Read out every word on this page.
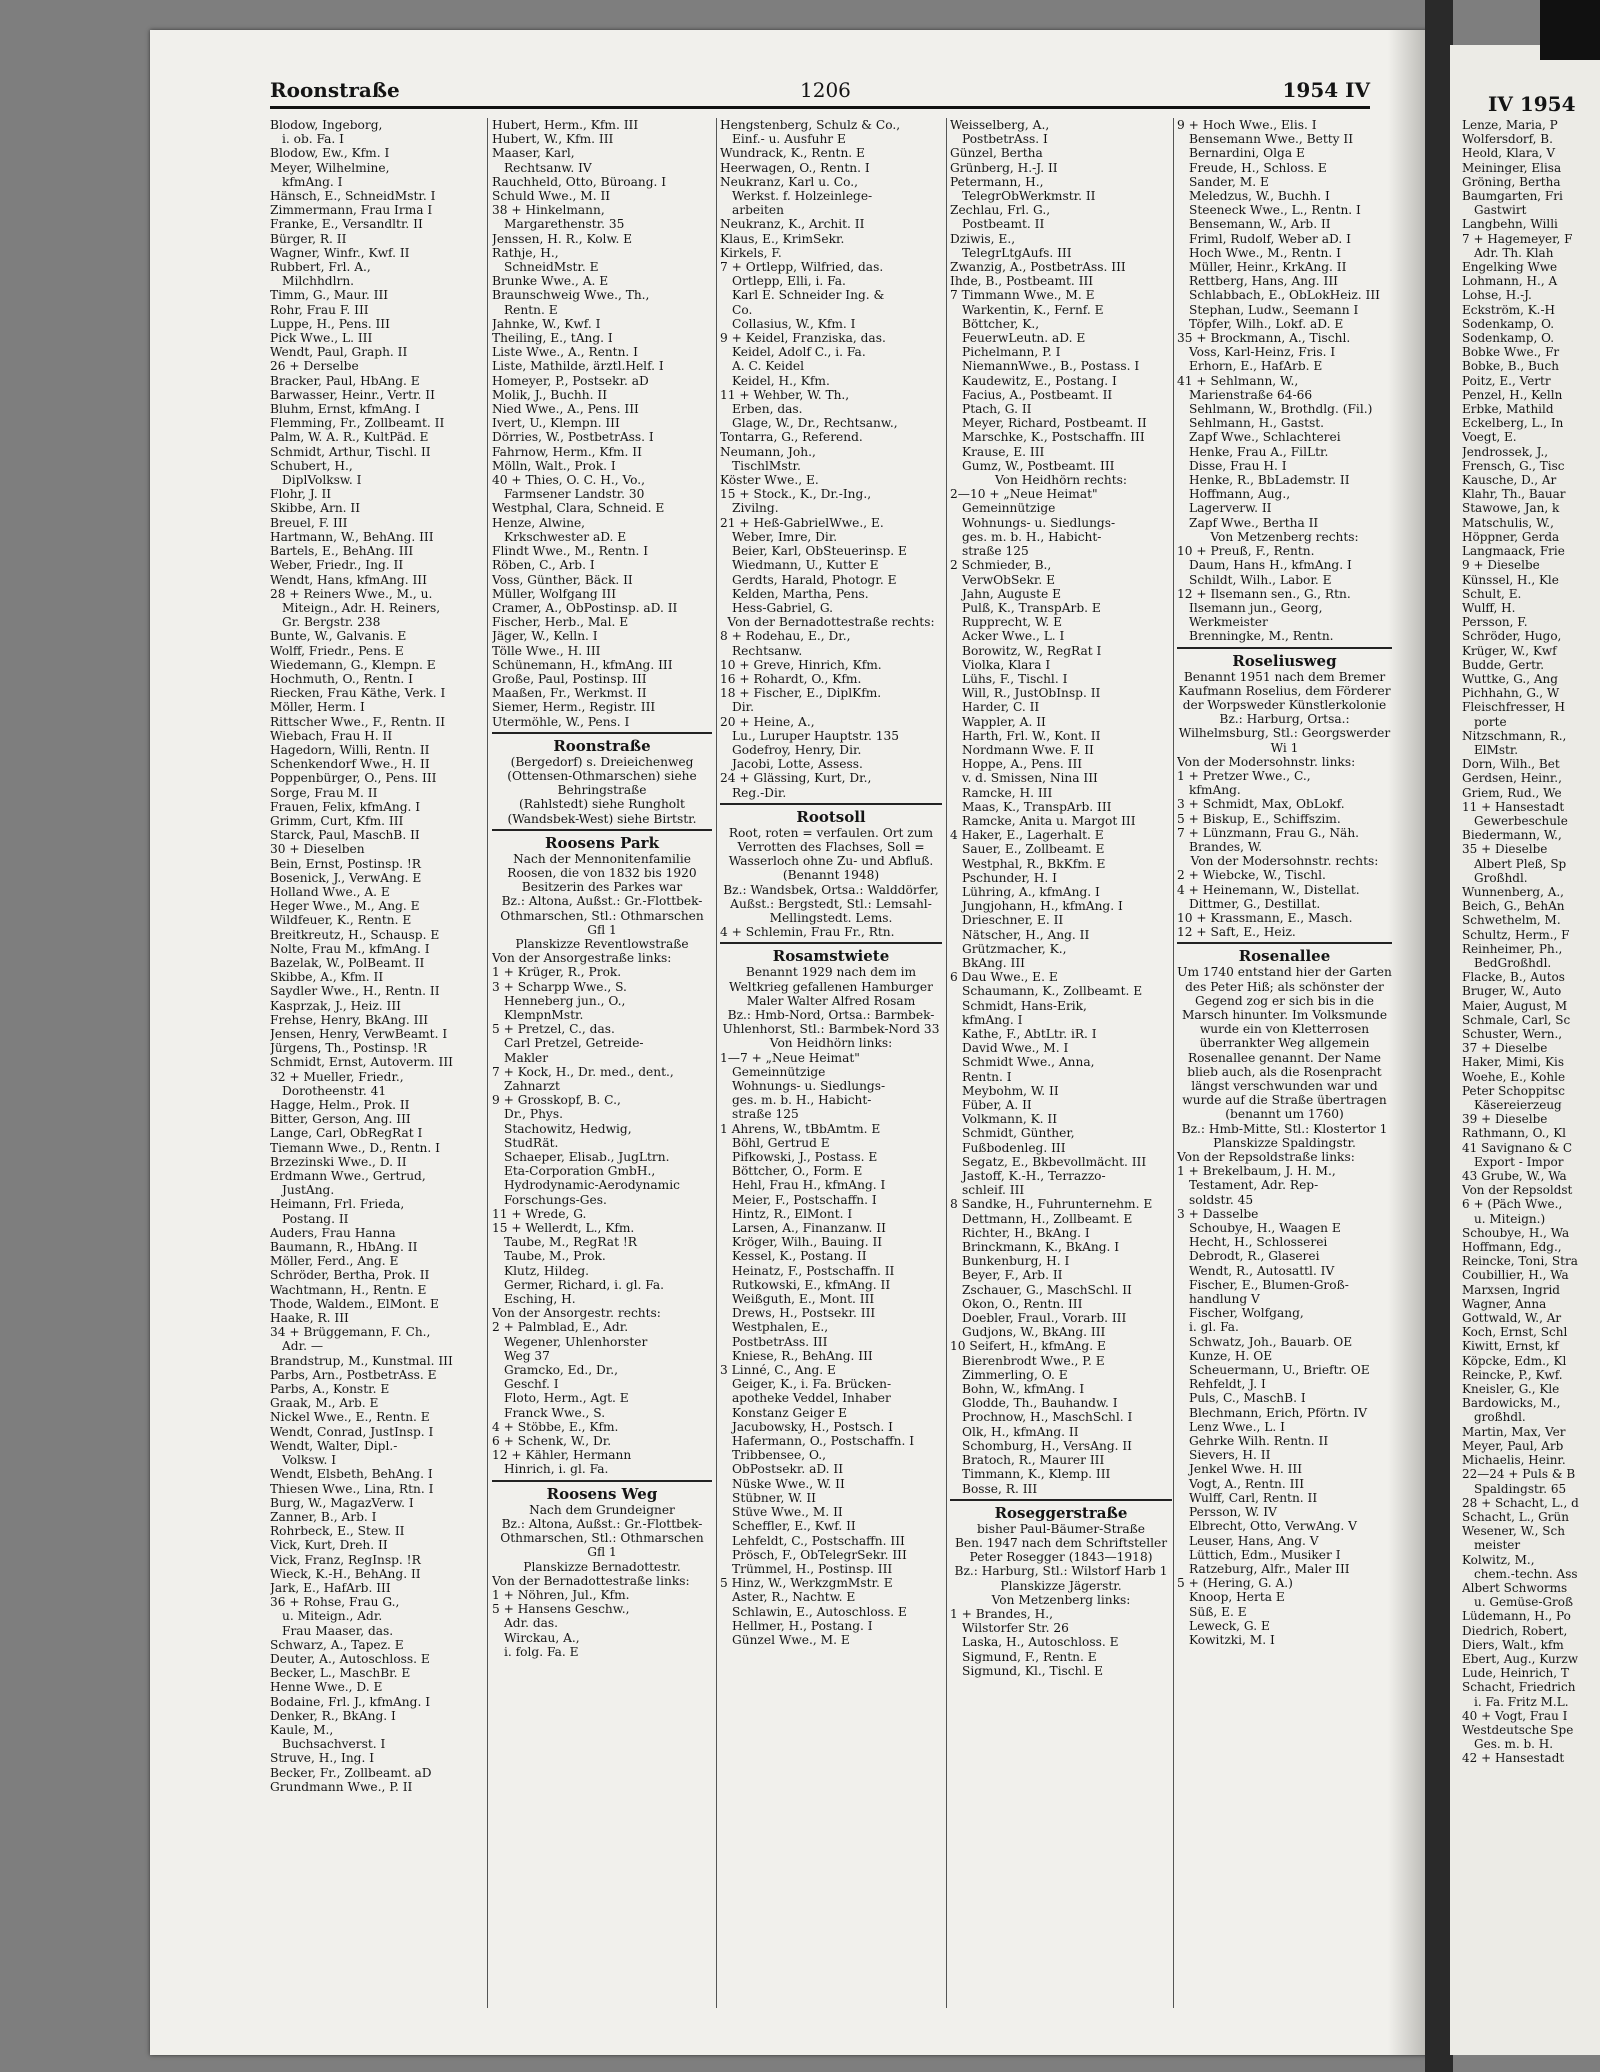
Roonstraße	1206	1954 IV
IV 1954
Blodow, Ingeborg,
i. ob. Fa. I
Blodow, Ew., Kfm. I
Meyer, Wilhelmine,
kfmAng. I
Hänsch, E., SchneidMstr. I
Zimmermann, Frau Irma I
Franke, E., Versandltr. II
Bürger, R. II
Wagner, Winfr., Kwf. II
Rubbert, Frl. A.,
Milchhdlrn.
Timm, G., Maur. III
Rohr, Frau F. III
Luppe, H., Pens. III
Pick Wwe., L. III
Wendt, Paul, Graph. II
26 + Derselbe
Bracker, Paul, HbAng. E
Barwasser, Heinr., Vertr. II
Bluhm, Ernst, kfmAng. I
Flemming, Fr., Zollbeamt. II
Palm, W. A. R., KultPäd. E
Schmidt, Arthur, Tischl. II
Schubert, H.,
DiplVolksw. I
Flohr, J. II
Skibbe, Arn. II
Breuel, F. III
Hartmann, W., BehAng. III
Bartels, E., BehAng. III
Weber, Friedr., Ing. II
Wendt, Hans, kfmAng. III
28 + Reiners Wwe., M., u.
Miteign., Adr. H. Reiners,
Gr. Bergstr. 238
Bunte, W., Galvanis. E
Wolff, Friedr., Pens. E
Wiedemann, G., Klempn. E
Hochmuth, O., Rentn. I
Riecken, Frau Käthe, Verk. I
Möller, Herm. I
Rittscher Wwe., F., Rentn. II
Wiebach, Frau H. II
Hagedorn, Willi, Rentn. II
Schenkendorf Wwe., H. II
Poppenbürger, O., Pens. III
Sorge, Frau M. II
Frauen, Felix, kfmAng. I
Grimm, Curt, Kfm. III
Starck, Paul, MaschB. II
30 + Dieselben
Bein, Ernst, Postinsp. !R
Bosenick, J., VerwAng. E
Holland Wwe., A. E
Heger Wwe., M., Ang. E
Wildfeuer, K., Rentn. E
Breitkreutz, H., Schausp. E
Nolte, Frau M., kfmAng. I
Bazelak, W., PolBeamt. II
Skibbe, A., Kfm. II
Saydler Wwe., H., Rentn. II
Kasprzak, J., Heiz. III
Frehse, Henry, BkAng. III
Jensen, Henry, VerwBeamt. I
Jürgens, Th., Postinsp. !R
Schmidt, Ernst, Autoverm. III
32 + Mueller, Friedr.,
Dorotheenstr. 41
Hagge, Helm., Prok. II
Bitter, Gerson, Ang. III
Lange, Carl, ObRegRat I
Tiemann Wwe., D., Rentn. I
Brzezinski Wwe., D. II
Erdmann Wwe., Gertrud,
JustAng.
Heimann, Frl. Frieda,
Postang. II
Auders, Frau Hanna
Baumann, R., HbAng. II
Möller, Ferd., Ang. E
Schröder, Bertha, Prok. II
Wachtmann, H., Rentn. E
Thode, Waldem., ElMont. E
Haake, R. III
34 + Brüggemann, F. Ch.,
Adr. —
Brandstrup, M., Kunstmal. III
Parbs, Arn., PostbetrAss. E
Parbs, A., Konstr. E
Graak, M., Arb. E
Nickel Wwe., E., Rentn. E
Wendt, Conrad, JustInsp. I
Wendt, Walter, Dipl.-
Volksw. I
Wendt, Elsbeth, BehAng. I
Thiesen Wwe., Lina, Rtn. I
Burg, W., MagazVerw. I
Zanner, B., Arb. I
Rohrbeck, E., Stew. II
Vick, Kurt, Dreh. II
Vick, Franz, RegInsp. !R
Wieck, K.-H., BehAng. II
Jark, E., HafArb. III
36 + Rohse, Frau G.,
u. Miteign., Adr.
Frau Maaser, das.
Schwarz, A., Tapez. E
Deuter, A., Autoschloss. E
Becker, L., MaschBr. E
Henne Wwe., D. E
Bodaine, Frl. J., kfmAng. I
Denker, R., BkAng. I
Kaule, M.,
Buchsachverst. I
Struve, H., Ing. I
Becker, Fr., Zollbeamt. aD
Grundmann Wwe., P. II
Hubert, Herm., Kfm. III
Hubert, W., Kfm. III
Maaser, Karl,
Rechtsanw. IV
Rauchheld, Otto, Büroang. I
Schuld Wwe., M. II
38 + Hinkelmann,
Margarethenstr. 35
Jenssen, H. R., Kolw. E
Rathje, H.,
SchneidMstr. E
Brunke Wwe., A. E
Braunschweig Wwe., Th.,
Rentn. E
Jahnke, W., Kwf. I
Theiling, E., tAng. I
Liste Wwe., A., Rentn. I
Liste, Mathilde, ärztl.Helf. I
Homeyer, P., Postsekr. aD
Molik, J., Buchh. II
Nied Wwe., A., Pens. III
Ivert, U., Klempn. III
Dörries, W., PostbetrAss. I
Fahrnow, Herm., Kfm. II
Mölln, Walt., Prok. I
40 + Thies, O. C. H., Vo.,
Farmsener Landstr. 30
Westphal, Clara, Schneid. E
Henze, Alwine,
Krkschwester aD. E
Flindt Wwe., M., Rentn. I
Röben, C., Arb. I
Voss, Günther, Bäck. II
Müller, Wolfgang III
Cramer, A., ObPostinsp. aD. II
Fischer, Herb., Mal. E
Jäger, W., Kelln. I
Tölle Wwe., H. III
Schünemann, H., kfmAng. III
Große, Paul, Postinsp. III
Maaßen, Fr., Werkmst. II
Siemer, Herm., Registr. III
Utermöhle, W., Pens. I
Roonstraße
(Bergedorf) s. Dreieichenweg
(Ottensen-Othmarschen) siehe Behringstraße
(Rahlstedt) siehe Rungholt
(Wandsbek-West) siehe Birtstr.
Roosens Park
Nach der Mennonitenfamilie Roosen, die von 1832 bis 1920 Besitzerin des Parkes war
Bz.: Altona, Außst.: Gr.-Flottbek-Othmarschen, Stl.: Othmarschen Gfl 1
Planskizze Reventlowstraße
Von der Ansorgestraße links:
1 + Krüger, R., Prok.
3 + Scharpp Wwe., S.
Henneberg jun., O.,
KlempnMstr.
5 + Pretzel, C., das.
Carl Pretzel, Getreide-
Makler
7 + Kock, H., Dr. med., dent.,
Zahnarzt
9 + Grosskopf, B. C.,
Dr., Phys.
Stachowitz, Hedwig,
StudRät.
Schaeper, Elisab., JugLtrn.
Eta-Corporation GmbH.,
Hydrodynamic-Aerodynamic
Forschungs-Ges.
11 + Wrede, G.
15 + Wellerdt, L., Kfm.
Taube, M., RegRat !R
Taube, M., Prok.
Klutz, Hildeg.
Germer, Richard, i. gl. Fa.
Esching, H.
Von der Ansorgestr. rechts:
2 + Palmblad, E., Adr.
Wegener, Uhlenhorster
Weg 37
Gramcko, Ed., Dr.,
Geschf. I
Floto, Herm., Agt. E
Franck Wwe., S.
4 + Stöbbe, E., Kfm.
6 + Schenk, W., Dr.
12 + Kähler, Hermann
Hinrich, i. gl. Fa.
Roosens Weg
Nach dem Grundeigner
Bz.: Altona, Außst.: Gr.-Flottbek-Othmarschen, Stl.: Othmarschen Gfl 1
Planskizze Bernadottestr.
Von der Bernadottestraße links:
1 + Nöhren, Jul., Kfm.
5 + Hansens Geschw.,
Adr. das.
Wirckau, A.,
i. folg. Fa. E
Hengstenberg, Schulz & Co.,
Einf.- u. Ausfuhr E
Wundrack, K., Rentn. E
Heerwagen, O., Rentn. I
Neukranz, Karl u. Co.,
Werkst. f. Holzeinlege-
arbeiten
Neukranz, K., Archit. II
Klaus, E., KrimSekr.
Kirkels, F.
7 + Ortlepp, Wilfried, das.
Ortlepp, Elli, i. Fa.
Karl E. Schneider Ing. &
Co.
Collasius, W., Kfm. I
9 + Keidel, Franziska, das.
Keidel, Adolf C., i. Fa.
A. C. Keidel
Keidel, H., Kfm.
11 + Wehber, W. Th.,
Erben, das.
Glage, W., Dr., Rechtsanw.,
Tontarra, G., Referend.
Neumann, Joh.,
TischlMstr.
Köster Wwe., E.
15 + Stock., K., Dr.-Ing.,
Zivilng.
21 + Heß-GabrielWwe., E.
Weber, Imre, Dir.
Beier, Karl, ObSteuerinsp. E
Wiedmann, U., Kutter E
Gerdts, Harald, Photogr. E
Kelden, Martha, Pens.
Hess-Gabriel, G.
Von der Bernadottestraße rechts:
8 + Rodehau, E., Dr.,
Rechtsanw.
10 + Greve, Hinrich, Kfm.
16 + Rohardt, O., Kfm.
18 + Fischer, E., DiplKfm.
Dir.
20 + Heine, A.,
Lu., Luruper Hauptstr. 135
Godefroy, Henry, Dir.
Jacobi, Lotte, Assess.
24 + Glässing, Kurt, Dr.,
Reg.-Dir.
Rootsoll
Root, roten = verfaulen. Ort zum Verrotten des Flachses, Soll = Wasserloch ohne Zu- und Abfluß. (Benannt 1948)
Bz.: Wandsbek, Ortsa.: Walddörfer, Außst.: Bergstedt, Stl.: Lemsahl-Mellingstedt. Lems.
4 + Schlemin, Frau Fr., Rtn.
Rosamstwiete
Benannt 1929 nach dem im Weltkrieg gefallenen Hamburger Maler Walter Alfred Rosam
Bz.: Hmb-Nord, Ortsa.: Barmbek-Uhlenhorst, Stl.: Barmbek-Nord 33
Von Heidhörn links:
1—7 + „Neue Heimat"
Gemeinnützige
Wohnungs- u. Siedlungs-
ges. m. b. H., Habicht-
straße 125
1 Ahrens, W., tBbAmtm. E
Böhl, Gertrud E
Pifkowski, J., Postass. E
Böttcher, O., Form. E
Hehl, Frau H., kfmAng. I
Meier, F., Postschaffn. I
Hintz, R., ElMont. I
Larsen, A., Finanzanw. II
Kröger, Wilh., Bauing. II
Kessel, K., Postang. II
Heinatz, F., Postschaffn. II
Rutkowski, E., kfmAng. II
Weißguth, E., Mont. III
Drews, H., Postsekr. III
Westphalen, E.,
PostbetrAss. III
Kniese, R., BehAng. III
3 Linné, C., Ang. E
Geiger, K., i. Fa. Brücken-
apotheke Veddel, Inhaber
Konstanz Geiger E
Jacubowsky, H., Postsch. I
Hafermann, O., Postschaffn. I
Tribbensee, O.,
ObPostsekr. aD. II
Nüske Wwe., W. II
Stübner, W. II
Stüve Wwe., M. II
Scheffler, E., Kwf. II
Lehfeldt, C., Postschaffn. III
Prösch, F., ObTelegrSekr. III
Trümmel, H., Postinsp. III
5 Hinz, W., WerkzgmMstr. E
Aster, R., Nachtw. E
Schlawin, E., Autoschloss. E
Hellmer, H., Postang. I
Günzel Wwe., M. E
Weisselberg, A.,
PostbetrAss. I
Günzel, Bertha
Grünberg, H.-J. II
Petermann, H.,
TelegrObWerkmstr. II
Zechlau, Frl. G.,
Postbeamt. II
Dziwis, E.,
TelegrLtgAufs. III
Zwanzig, A., PostbetrAss. III
Ihde, B., Postbeamt. III
7 Timmann Wwe., M. E
Warkentin, K., Fernf. E
Böttcher, K.,
FeuerwLeutn. aD. E
Pichelmann, P. I
NiemannWwe., B., Postass. I
Kaudewitz, E., Postang. I
Facius, A., Postbeamt. II
Ptach, G. II
Meyer, Richard, Postbeamt. II
Marschke, K., Postschaffn. III
Krause, E. III
Gumz, W., Postbeamt. III
Von Heidhörn rechts:
2—10 + „Neue Heimat"
Gemeinnützige
Wohnungs- u. Siedlungs-
ges. m. b. H., Habicht-
straße 125
2 Schmieder, B.,
VerwObSekr. E
Jahn, Auguste E
Pulß, K., TranspArb. E
Rupprecht, W. E
Acker Wwe., L. I
Borowitz, W., RegRat I
Violka, Klara I
Lühs, F., Tischl. I
Will, R., JustObInsp. II
Harder, C. II
Wappler, A. II
Harth, Frl. W., Kont. II
Nordmann Wwe. F. II
Hoppe, A., Pens. III
v. d. Smissen, Nina III
Ramcke, H. III
Maas, K., TranspArb. III
Ramcke, Anita u. Margot III
4 Haker, E., Lagerhalt. E
Sauer, E., Zollbeamt. E
Westphal, R., BkKfm. E
Pschunder, H. I
Lühring, A., kfmAng. I
Jungjohann, H., kfmAng. I
Drieschner, E. II
Nätscher, H., Ang. II
Grützmacher, K.,
BkAng. III
6 Dau Wwe., E. E
Schaumann, K., Zollbeamt. E
Schmidt, Hans-Erik,
kfmAng. I
Kathe, F., AbtLtr. iR. I
David Wwe., M. I
Schmidt Wwe., Anna,
Rentn. I
Meybohm, W. II
Füber, A. II
Volkmann, K. II
Schmidt, Günther,
Fußbodenleg. III
Segatz, E., Bkbevollmächt. III
Jastoff, K.-H., Terrazzo-
schleif. III
8 Sandke, H., Fuhrunternehm. E
Dettmann, H., Zollbeamt. E
Richter, H., BkAng. I
Brinckmann, K., BkAng. I
Bunkenburg, H. I
Beyer, F., Arb. II
Zschauer, G., MaschSchl. II
Okon, O., Rentn. III
Doebler, Fraul., Vorarb. III
Gudjons, W., BkAng. III
10 Seifert, H., kfmAng. E
Bierenbrodt Wwe., P. E
Zimmerling, O. E
Bohn, W., kfmAng. I
Glodde, Th., Bauhandw. I
Prochnow, H., MaschSchl. I
Olk, H., kfmAng. II
Schomburg, H., VersAng. II
Bratoch, R., Maurer III
Timmann, K., Klemp. III
Bosse, R. III
Roseggerstraße
bisher Paul-Bäumer-Straße
Ben. 1947 nach dem Schriftsteller Peter Rosegger (1843—1918)
Bz.: Harburg, Stl.: Wilstorf Harb 1
Planskizze Jägerstr.
Von Metzenberg links:
1 + Brandes, H.,
Wilstorfer Str. 26
Laska, H., Autoschloss. E
Sigmund, F., Rentn. E
Sigmund, Kl., Tischl. E
9 + Hoch Wwe., Elis. I
Bensemann Wwe., Betty II
Bernardini, Olga E
Freude, H., Schloss. E
Sander, M. E
Meledzus, W., Buchh. I
Steeneck Wwe., L., Rentn. I
Bensemann, W., Arb. II
Friml, Rudolf, Weber aD. I
Hoch Wwe., M., Rentn. I
Müller, Heinr., KrkAng. II
Rettberg, Hans, Ang. III
Schlabbach, E., ObLokHeiz. III
Stephan, Ludw., Seemann I
Töpfer, Wilh., Lokf. aD. E
35 + Brockmann, A., Tischl.
Voss, Karl-Heinz, Fris. I
Erhorn, E., HafArb. E
41 + Sehlmann, W.,
Marienstraße 64-66
Sehlmann, W., Brothdlg. (Fil.)
Sehlmann, H., Gastst.
Zapf Wwe., Schlachterei
Henke, Frau A., FilLtr.
Disse, Frau H. I
Henke, R., BbLademstr. II
Hoffmann, Aug.,
Lagerverw. II
Zapf Wwe., Bertha II
Von Metzenberg rechts:
10 + Preuß, F., Rentn.
Daum, Hans H., kfmAng. I
Schildt, Wilh., Labor. E
12 + Ilsemann sen., G., Rtn.
Ilsemann jun., Georg,
Werkmeister
Brenningke, M., Rentn.
Roseliusweg
Benannt 1951 nach dem Bremer Kaufmann Roselius, dem Förderer der Worpsweder Künstlerkolonie
Bz.: Harburg, Ortsa.: Wilhelmsburg, Stl.: Georgswerder Wi 1
Von der Modersohnstr. links:
1 + Pretzer Wwe., C.,
kfmAng.
3 + Schmidt, Max, ObLokf.
5 + Biskup, E., Schiffszim.
7 + Lünzmann, Frau G., Näh.
Brandes, W.
Von der Modersohnstr. rechts:
2 + Wiebcke, W., Tischl.
4 + Heinemann, W., Distellat.
Dittmer, G., Destillat.
10 + Krassmann, E., Masch.
12 + Saft, E., Heiz.
Rosenallee
Um 1740 entstand hier der Garten des Peter Hiß; als schönster der Gegend zog er sich bis in die Marsch hinunter. Im Volksmunde wurde ein von Kletterrosen überrankter Weg allgemein Rosenallee genannt. Der Name blieb auch, als die Rosenpracht längst verschwunden war und wurde auf die Straße übertragen (benannt um 1760)
Bz.: Hmb-Mitte, Stl.: Klostertor 1
Planskizze Spaldingstr.
Von der Repsoldstraße links:
1 + Brekelbaum, J. H. M.,
Testament, Adr. Rep-
soldstr. 45
3 + Dasselbe
Schoubye, H., Waagen E
Hecht, H., Schlosserei
Debrodt, R., Glaserei
Wendt, R., Autosattl. IV
Fischer, E., Blumen-Groß-
handlung V
Fischer, Wolfgang,
i. gl. Fa.
Schwatz, Joh., Bauarb. OE
Kunze, H. OE
Scheuermann, U., Brieftr. OE
Rehfeldt, J. I
Puls, C., MaschB. I
Blechmann, Erich, Pförtn. IV
Lenz Wwe., L. I
Gehrke Wilh. Rentn. II
Sievers, H. II
Jenkel Wwe. H. III
Vogt, A., Rentn. III
Wulff, Carl, Rentn. II
Persson, W. IV
Elbrecht, Otto, VerwAng. V
Leuser, Hans, Ang. V
Lüttich, Edm., Musiker I
Ratzeburg, Alfr., Maler III
5 + (Hering, G. A.)
Knoop, Herta E
Süß, E. E
Leweck, G. E
Kowitzki, M. I
Lenze, Maria, P
Wolfersdorf, B.
Heold, Klara, V
Meininger, Elisa
Gröning, Bertha
Baumgarten, Fri
Gastwirt
Langbehn, Willi
7 + Hagemeyer, F
Adr. Th. Klah
Engelking Wwe
Lohmann, H., A
Lohse, H.-J.
Eckström, K.-H
Sodenkamp, O.
Sodenkamp, O.
Bobke Wwe., Fr
Bobke, B., Buch
Poitz, E., Vertr
Penzel, H., Kelln
Erbke, Mathild
Eckelberg, L., In
Voegt, E.
Jendrossek, J.,
Frensch, G., Tisc
Kausche, D., Ar
Klahr, Th., Bauar
Stawowe, Jan, k
Matschulis, W.,
Höppner, Gerda
Langmaack, Frie
9 + Dieselbe
Künssel, H., Kle
Schult, E.
Wulff, H.
Persson, F.
Schröder, Hugo,
Krüger, W., Kwf
Budde, Gertr.
Wuttke, G., Ang
Pichhahn, G., W
Fleischfresser, H
porte
Nitzschmann, R.,
ElMstr.
Dorn, Wilh., Bet
Gerdsen, Heinr.,
Griem, Rud., We
11 + Hansestadt
Gewerbeschule
Biedermann, W.,
35 + Dieselbe
Albert Pleß, Sp
Großhdl.
Wunnenberg, A.,
Beich, G., BehAn
Schwethelm, M.
Schultz, Herm., F
Reinheimer, Ph.,
BedGroßhdl.
Flacke, B., Autos
Bruger, W., Auto
Maier, August, M
Schmale, Carl, Sc
Schuster, Wern.,
37 + Dieselbe
Haker, Mimi, Kis
Woehe, E., Kohle
Peter Schoppitsc
Käsereierzeug
39 + Dieselbe
Rathmann, O., Kl
41 Savignano & C
Export - Impor
43 Grube, W., Wa
Von der Repsoldst
6 + (Päch Wwe.,
u. Miteign.)
Schoubye, H., Wa
Hoffmann, Edg.,
Reincke, Toni, Stra
Coubillier, H., Wa
Marxsen, Ingrid
Wagner, Anna
Gottwald, W., Ar
Koch, Ernst, Schl
Kiwitt, Ernst, kf
Köpcke, Edm., Kl
Reincke, P., Kwf.
Kneisler, G., Kle
Bardowicks, M.,
großhdl.
Martin, Max, Ver
Meyer, Paul, Arb
Michaelis, Heinr.
22—24 + Puls & B
Spaldingstr. 65
28 + Schacht, L., d
Schacht, L., Grün
Wesener, W., Sch
meister
Kolwitz, M.,
chem.-techn. Ass
Albert Schworms
u. Gemüse-Groß
Lüdemann, H., Po
Diedrich, Robert,
Diers, Walt., kfm
Ebert, Aug., Kurzw
Lude, Heinrich, T
Schacht, Friedrich
i. Fa. Fritz M.L.
40 + Vogt, Frau I
Westdeutsche Spe
Ges. m. b. H.
42 + Hansestadt
